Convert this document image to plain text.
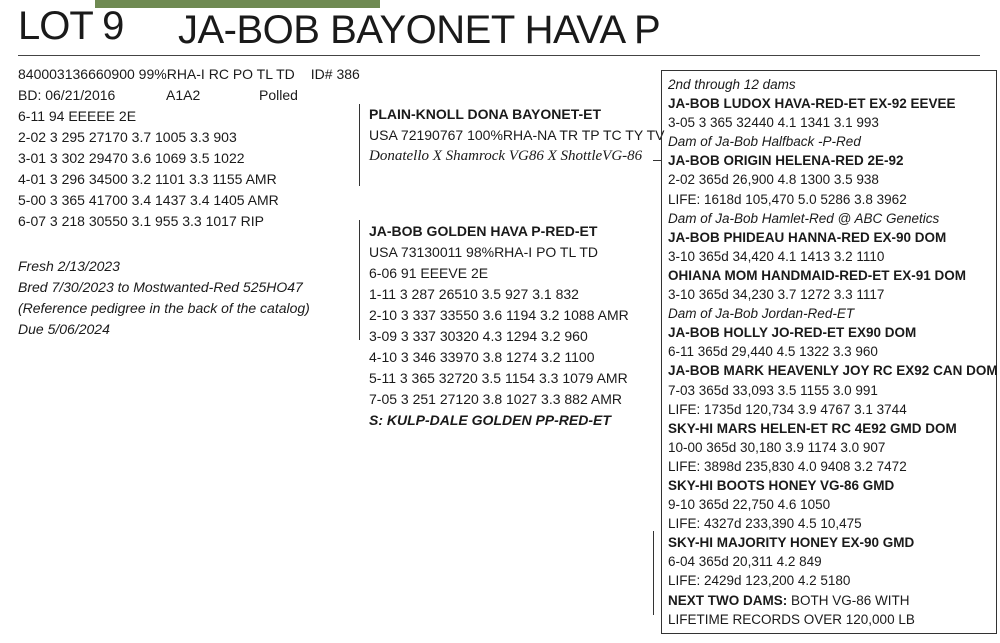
LOT 9 JA-BOB BAYONET HAVA P
840003136660900 99%RHA-I RC PO TL TD ID# 386
BD: 06/21/2016	A1A2	Polled
6-11 94 EEEEE 2E
2-02 3 295 27170 3.7 1005 3.3 903
3-01 3 302 29470 3.6 1069 3.5 1022
4-01 3 296 34500 3.2 1101 3.3 1155 AMR
5-00 3 365 41700 3.4 1437 3.4 1405 AMR
6-07 3 218 30550 3.1 955 3.3 1017 RIP
Fresh 2/13/2023
Bred 7/30/2023 to Mostwanted-Red 525HO47
(Reference pedigree in the back of the catalog)
Due 5/06/2024
PLAIN-KNOLL DONA BAYONET-ET
USA 72190767 100%RHA-NA TR TP TC TY TV
Donatello X Shamrock VG86 X ShottleVG-86
JA-BOB GOLDEN HAVA P-RED-ET
USA 73130011 98%RHA-I PO TL TD
6-06 91 EEEVE 2E
1-11 3 287 26510 3.5 927 3.1 832
2-10 3 337 33550 3.6 1194 3.2 1088 AMR
3-09 3 337 30320 4.3 1294 3.2 960
4-10 3 346 33970 3.8 1274 3.2 1100
5-11 3 365 32720 3.5 1154 3.3 1079 AMR
7-05 3 251 27120 3.8 1027 3.3 882 AMR
S: KULP-DALE GOLDEN PP-RED-ET
2nd through 12 dams
JA-BOB LUDOX HAVA-RED-ET EX-92 EEVEE
3-05 3 365 32440 4.1 1341 3.1 993
Dam of Ja-Bob Halfback -P-Red
JA-BOB ORIGIN HELENA-RED 2E-92
2-02 365d 26,900 4.8 1300 3.5 938
LIFE: 1618d 105,470 5.0 5286 3.8 3962
Dam of Ja-Bob Hamlet-Red @ ABC Genetics
JA-BOB PHIDEAU HANNA-RED EX-90 DOM
3-10 365d 34,420 4.1 1413 3.2 1110
OHIANA MOM HANDMAID-RED-ET EX-91 DOM
3-10 365d 34,230 3.7 1272 3.3 1117
Dam of Ja-Bob Jordan-Red-ET
JA-BOB HOLLY JO-RED-ET EX90 DOM
6-11 365d 29,440 4.5 1322 3.3 960
JA-BOB MARK HEAVENLY JOY RC EX92 CAN DOM
7-03 365d 33,093 3.5 1155 3.0 991
LIFE: 1735d 120,734 3.9 4767 3.1 3744
SKY-HI MARS HELEN-ET RC 4E92 GMD DOM
10-00 365d 30,180 3.9 1174 3.0 907
LIFE: 3898d 235,830 4.0 9408 3.2 7472
SKY-HI BOOTS HONEY VG-86 GMD
9-10 365d 22,750 4.6 1050
LIFE: 4327d 233,390 4.5 10,475
SKY-HI MAJORITY HONEY EX-90 GMD
6-04 365d 20,311 4.2 849
LIFE: 2429d 123,200 4.2 5180
NEXT TWO DAMS: BOTH VG-86 WITH
LIFETIME RECORDS OVER 120,000 LB
